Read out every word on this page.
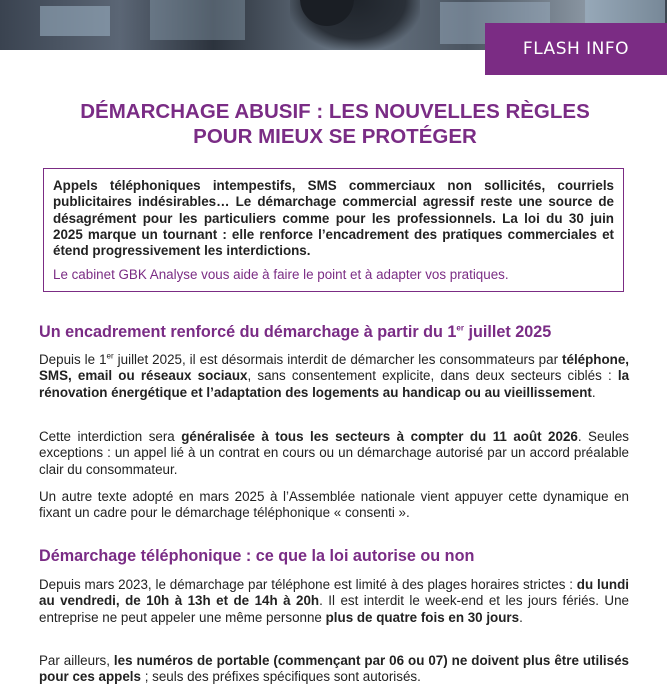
FLASH INFO
DÉMARCHAGE ABUSIF : LES NOUVELLES RÈGLES
POUR MIEUX SE PROTÉGER

Appels téléphoniques intempestifs, SMS commerciaux non sollicités, courriels publicitaires indésirables… Le démarchage commercial agressif reste une source de désagrément pour les particuliers comme pour les professionnels. La loi du 30 juin 2025 marque un tournant : elle renforce l’encadrement des pratiques commerciales et étend progressivement les interdictions.

Le cabinet GBK Analyse vous aide à faire le point et à adapter vos pratiques.

Un encadrement renforcé du démarchage à partir du 1er juillet 2025

Depuis le 1er juillet 2025, il est désormais interdit de démarcher les consommateurs par téléphone, SMS, email ou réseaux sociaux, sans consentement explicite, dans deux secteurs ciblés : la rénovation énergétique et l’adaptation des logements au handicap ou au vieillissement.

Cette interdiction sera généralisée à tous les secteurs à compter du 11 août 2026. Seules exceptions : un appel lié à un contrat en cours ou un démarchage autorisé par un accord préalable clair du consommateur.

Un autre texte adopté en mars 2025 à l’Assemblée nationale vient appuyer cette dynamique en fixant un cadre pour le démarchage téléphonique « consenti ».

Démarchage téléphonique : ce que la loi autorise ou non

Depuis mars 2023, le démarchage par téléphone est limité à des plages horaires strictes : du lundi au vendredi, de 10h à 13h et de 14h à 20h. Il est interdit le week-end et les jours fériés. Une entreprise ne peut appeler une même personne plus de quatre fois en 30 jours.

Par ailleurs, les numéros de portable (commençant par 06 ou 07) ne doivent plus être utilisés pour ces appels ; seuls des préfixes spécifiques sont autorisés.
